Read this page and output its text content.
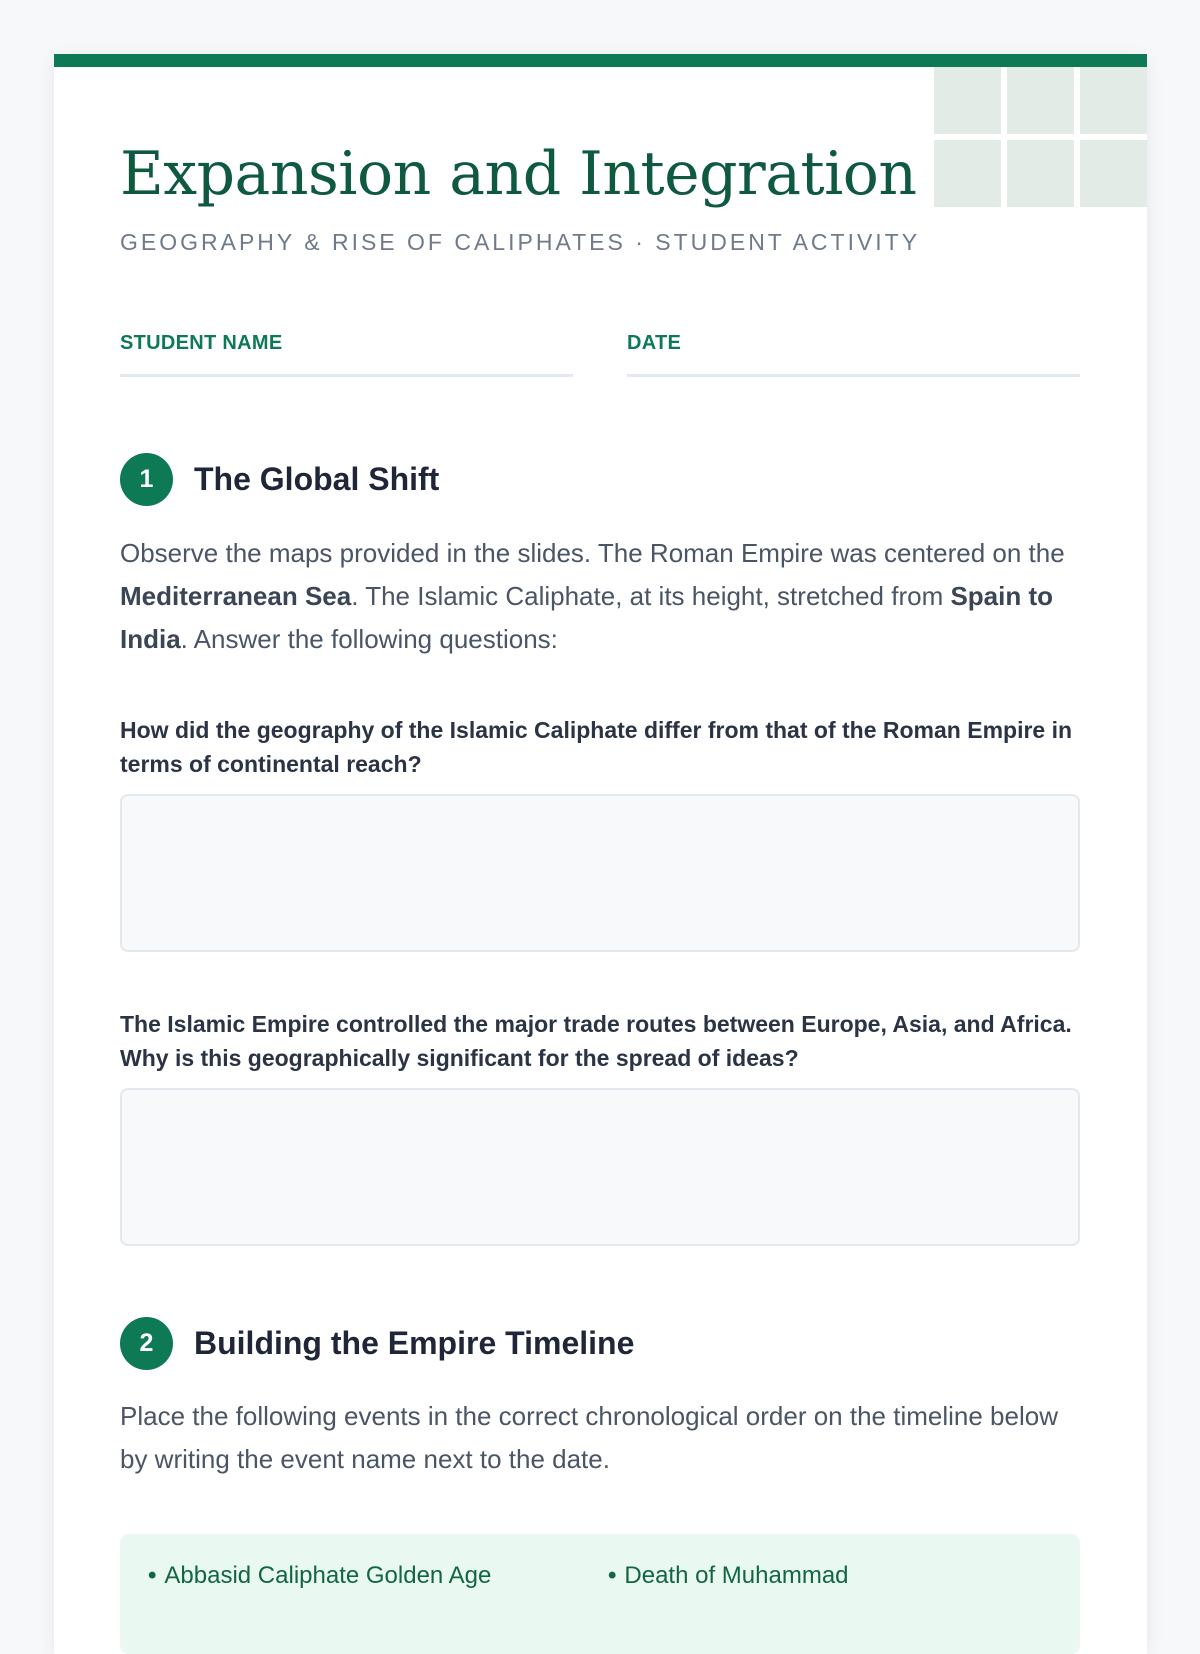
Expansion and Integration
GEOGRAPHY & RISE OF CALIPHATES · STUDENT ACTIVITY
STUDENT NAME	DATE
1	The Global Shift

Observe the maps provided in the slides. The Roman Empire was centered on the Mediterranean Sea. The Islamic Caliphate, at its height, stretched from Spain to India. Answer the following questions:

How did the geography of the Islamic Caliphate differ from that of the Roman Empire in terms of continental reach?
The Islamic Empire controlled the major trade routes between Europe, Asia, and Africa. Why is this geographically significant for the spread of ideas?
2	Building the Empire Timeline

Place the following events in the correct chronological order on the timeline below by writing the event name next to the date.

• Abbasid Caliphate Golden Age	• Death of Muhammad
